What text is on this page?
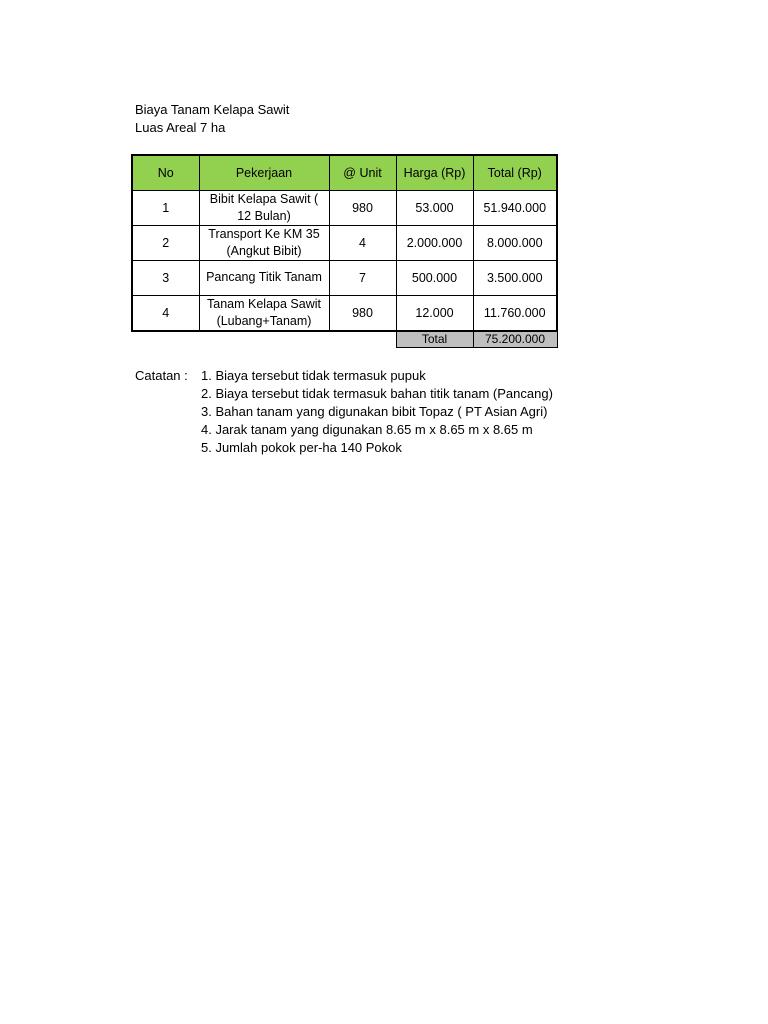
Biaya Tanam Kelapa Sawit
Luas Areal 7 ha
No	Pekerjaan	@ Unit	Harga (Rp)	Total (Rp)
1	Bibit Kelapa Sawit (
12 Bulan)	980	53.000	51.940.000
2	Transport Ke KM 35
(Angkut Bibit)	4	2.000.000	8.000.000
3	Pancang Titik Tanam	7	500.000	3.500.000
4	Tanam Kelapa Sawit
(Lubang+Tanam)	980	12.000	11.760.000
			Total	75.200.000
Catatan : 1. Biaya tersebut tidak termasuk pupuk
2. Biaya tersebut tidak termasuk bahan titik tanam (Pancang)
3. Bahan tanam yang digunakan bibit Topaz ( PT Asian Agri)
4. Jarak tanam yang digunakan 8.65 m x 8.65 m x 8.65 m
5. Jumlah pokok per-ha 140 Pokok
